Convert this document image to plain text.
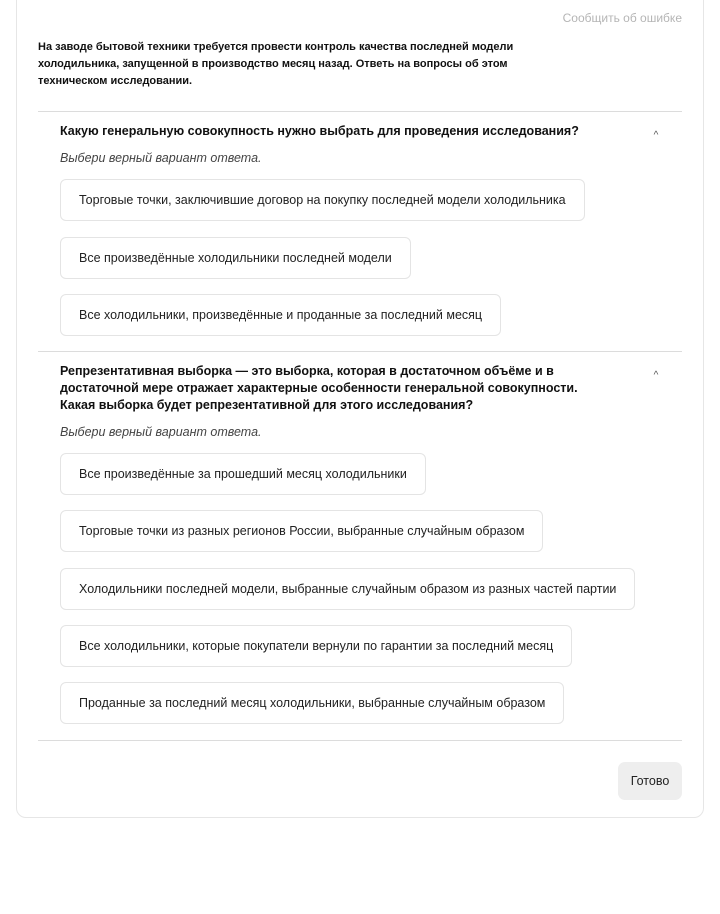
Сообщить об ошибке
На заводе бытовой техники требуется провести контроль качества последней модели холодильника, запущенной в производство месяц назад. Ответь на вопросы об этом техническом исследовании.
Какую генеральную совокупность нужно выбрать для проведения исследования?	^
Выбери верный вариант ответа.
Торговые точки, заключившие договор на покупку последней модели холодильника
Все произведённые холодильники последней модели
Все холодильники, произведённые и проданные за последний месяц
Репрезентативная выборка — это выборка, которая в достаточном объёме и в
достаточной мере отражает характерные особенности генеральной совокупности.
Какая выборка будет репрезентативной для этого исследования?
^
Выбери верный вариант ответа.
Все произведённые за прошедший месяц холодильники
Торговые точки из разных регионов России, выбранные случайным образом
Холодильники последней модели, выбранные случайным образом из разных частей партии
Все холодильники, которые покупатели вернули по гарантии за последний месяц
Проданные за последний месяц холодильники, выбранные случайным образом
Готово
